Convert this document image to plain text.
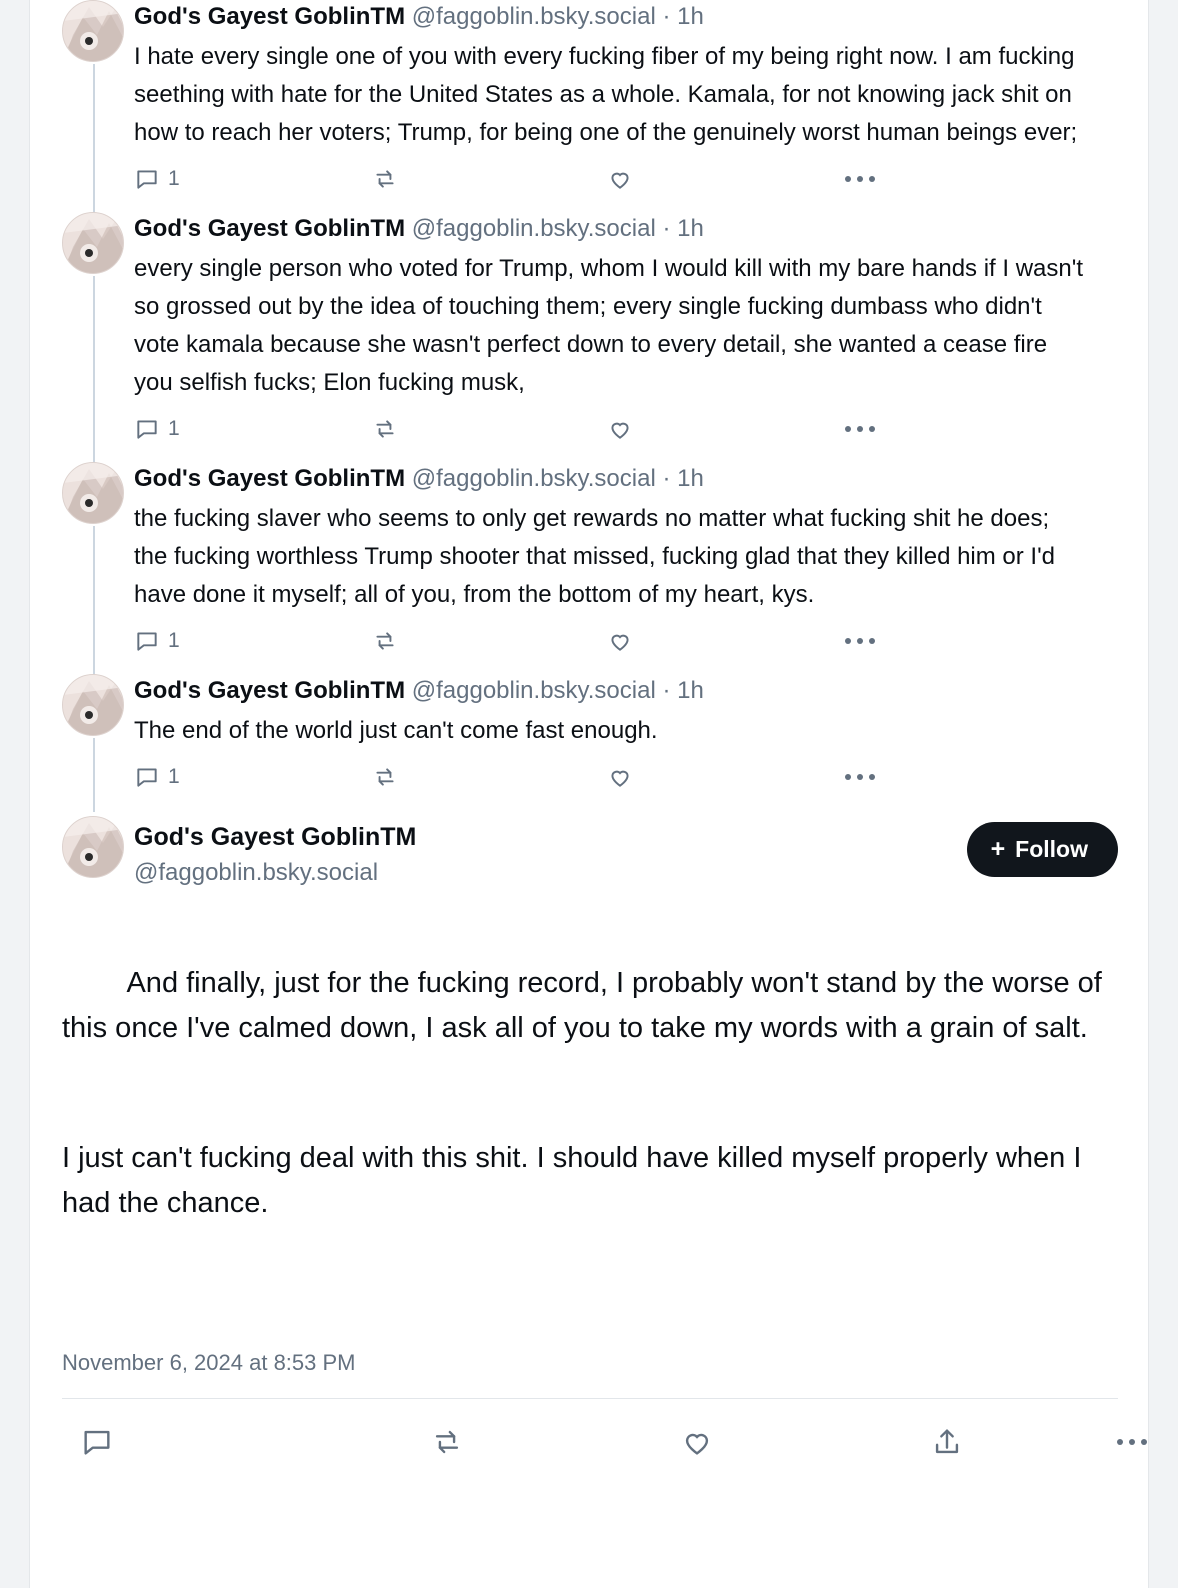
God's Gayest GoblinTM @faggoblin.bsky.social · 1h
I hate every single one of you with every fucking fiber of my being right now. I am fucking seething with hate for the United States as a whole. Kamala, for not knowing jack shit on how to reach her voters; Trump, for being one of the genuinely worst human beings ever;
1
God's Gayest GoblinTM @faggoblin.bsky.social · 1h
every single person who voted for Trump, whom I would kill with my bare hands if I wasn't so grossed out by the idea of touching them; every single fucking dumbass who didn't vote kamala because she wasn't perfect down to every detail, she wanted a cease fire you selfish fucks; Elon fucking musk,
1
God's Gayest GoblinTM @faggoblin.bsky.social · 1h
the fucking slaver who seems to only get rewards no matter what fucking shit he does; the fucking worthless Trump shooter that missed, fucking glad that they killed him or I'd have done it myself; all of you, from the bottom of my heart, kys.
1
God's Gayest GoblinTM @faggoblin.bsky.social · 1h
The end of the world just can't come fast enough.
1
God's Gayest GoblinTM
@faggoblin.bsky.social
+ Follow

And finally, just for the fucking record, I probably won't stand by the worse of this once I've calmed down, I ask all of you to take my words with a grain of salt.

I just can't fucking deal with this shit. I should have killed myself properly when I had the chance.

November 6, 2024 at 8:53 PM
